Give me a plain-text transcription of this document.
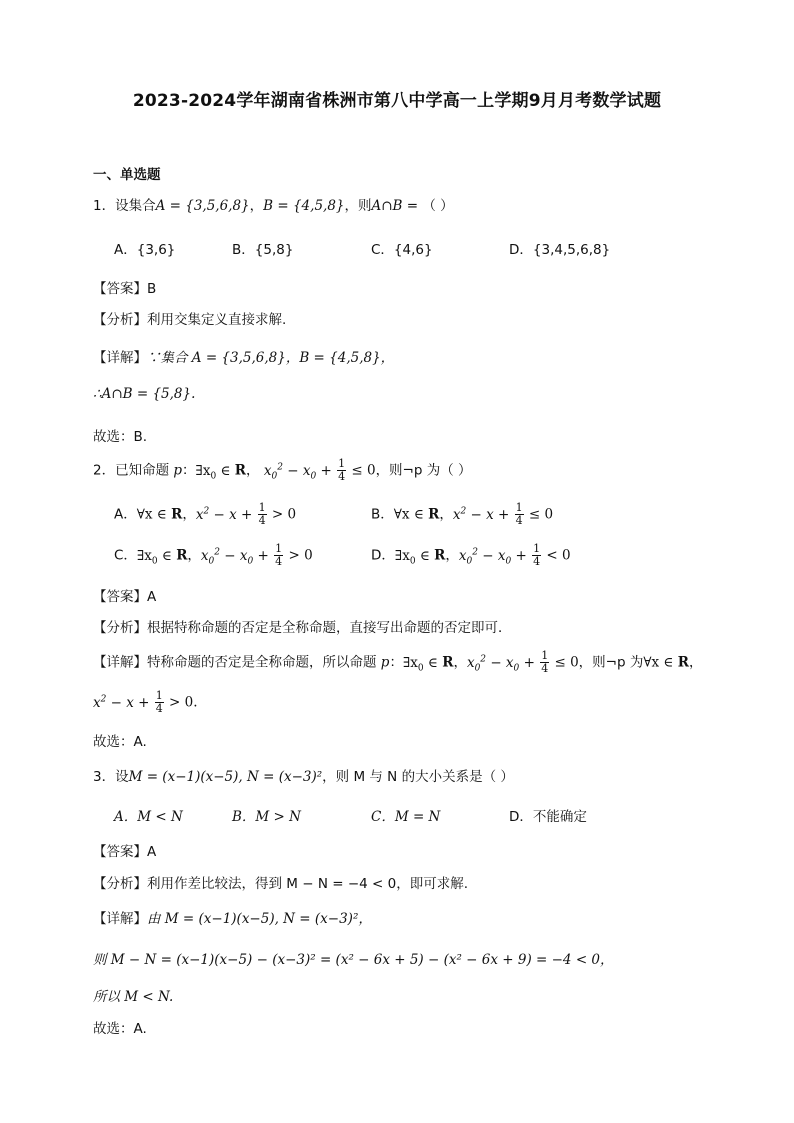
2023-2024学年湖南省株洲市第八中学高一上学期9月月考数学试题
一、单选题
1．设集合A = {3,5,6,8}，B = {4,5,8}，则A∩B = （ ）
A．{3,6}	B．{5,8}	C．{4,6}	D．{3,4,5,6,8}
【答案】B
【分析】利用交集定义直接求解.
【详解】∵集合 A = {3,5,6,8}，B = {4,5,8}，
∴A∩B = {5,8}.
故选：B.
2．已知命题 p：$\exists x_0$ ∈ R， $x_0^2 - x_0 + \frac{1}{4} \le 0$，则¬p 为（ ）
A．∀x ∈ R，$x^2 - x + \frac{1}{4} > 0$	B．∀x ∈ R，$x^2 - x + \frac{1}{4} \le 0$
C．$\exists x_0$ ∈ R，$x_0^2 - x_0 + \frac{1}{4} > 0$	D．$\exists x_0$ ∈ R，$x_0^2 - x_0 + \frac{1}{4} < 0$
【答案】A
【分析】根据特称命题的否定是全称命题，直接写出命题的否定即可．
【详解】特称命题的否定是全称命题，所以命题 p：$\exists x_0$ ∈ R，$x_0^2 - x_0 + \frac{1}{4} \le 0$，则¬p 为∀x ∈ R，
$x^2 - x + \frac{1}{4} > 0$.
故选：A.
3．设M = (x−1)(x−5), N = (x−3)²，则 M 与 N 的大小关系是（ ）
A．M < N	B．M > N	C．M = N	D．不能确定
【答案】A
【分析】利用作差比较法，得到 M − N = −4 < 0，即可求解.
【详解】由 M = (x−1)(x−5), N = (x−3)²，
则 M − N = (x−1)(x−5) − (x−3)² = (x² − 6x + 5) − (x² − 6x + 9) = −4 < 0，
所以 M < N.
故选：A.
